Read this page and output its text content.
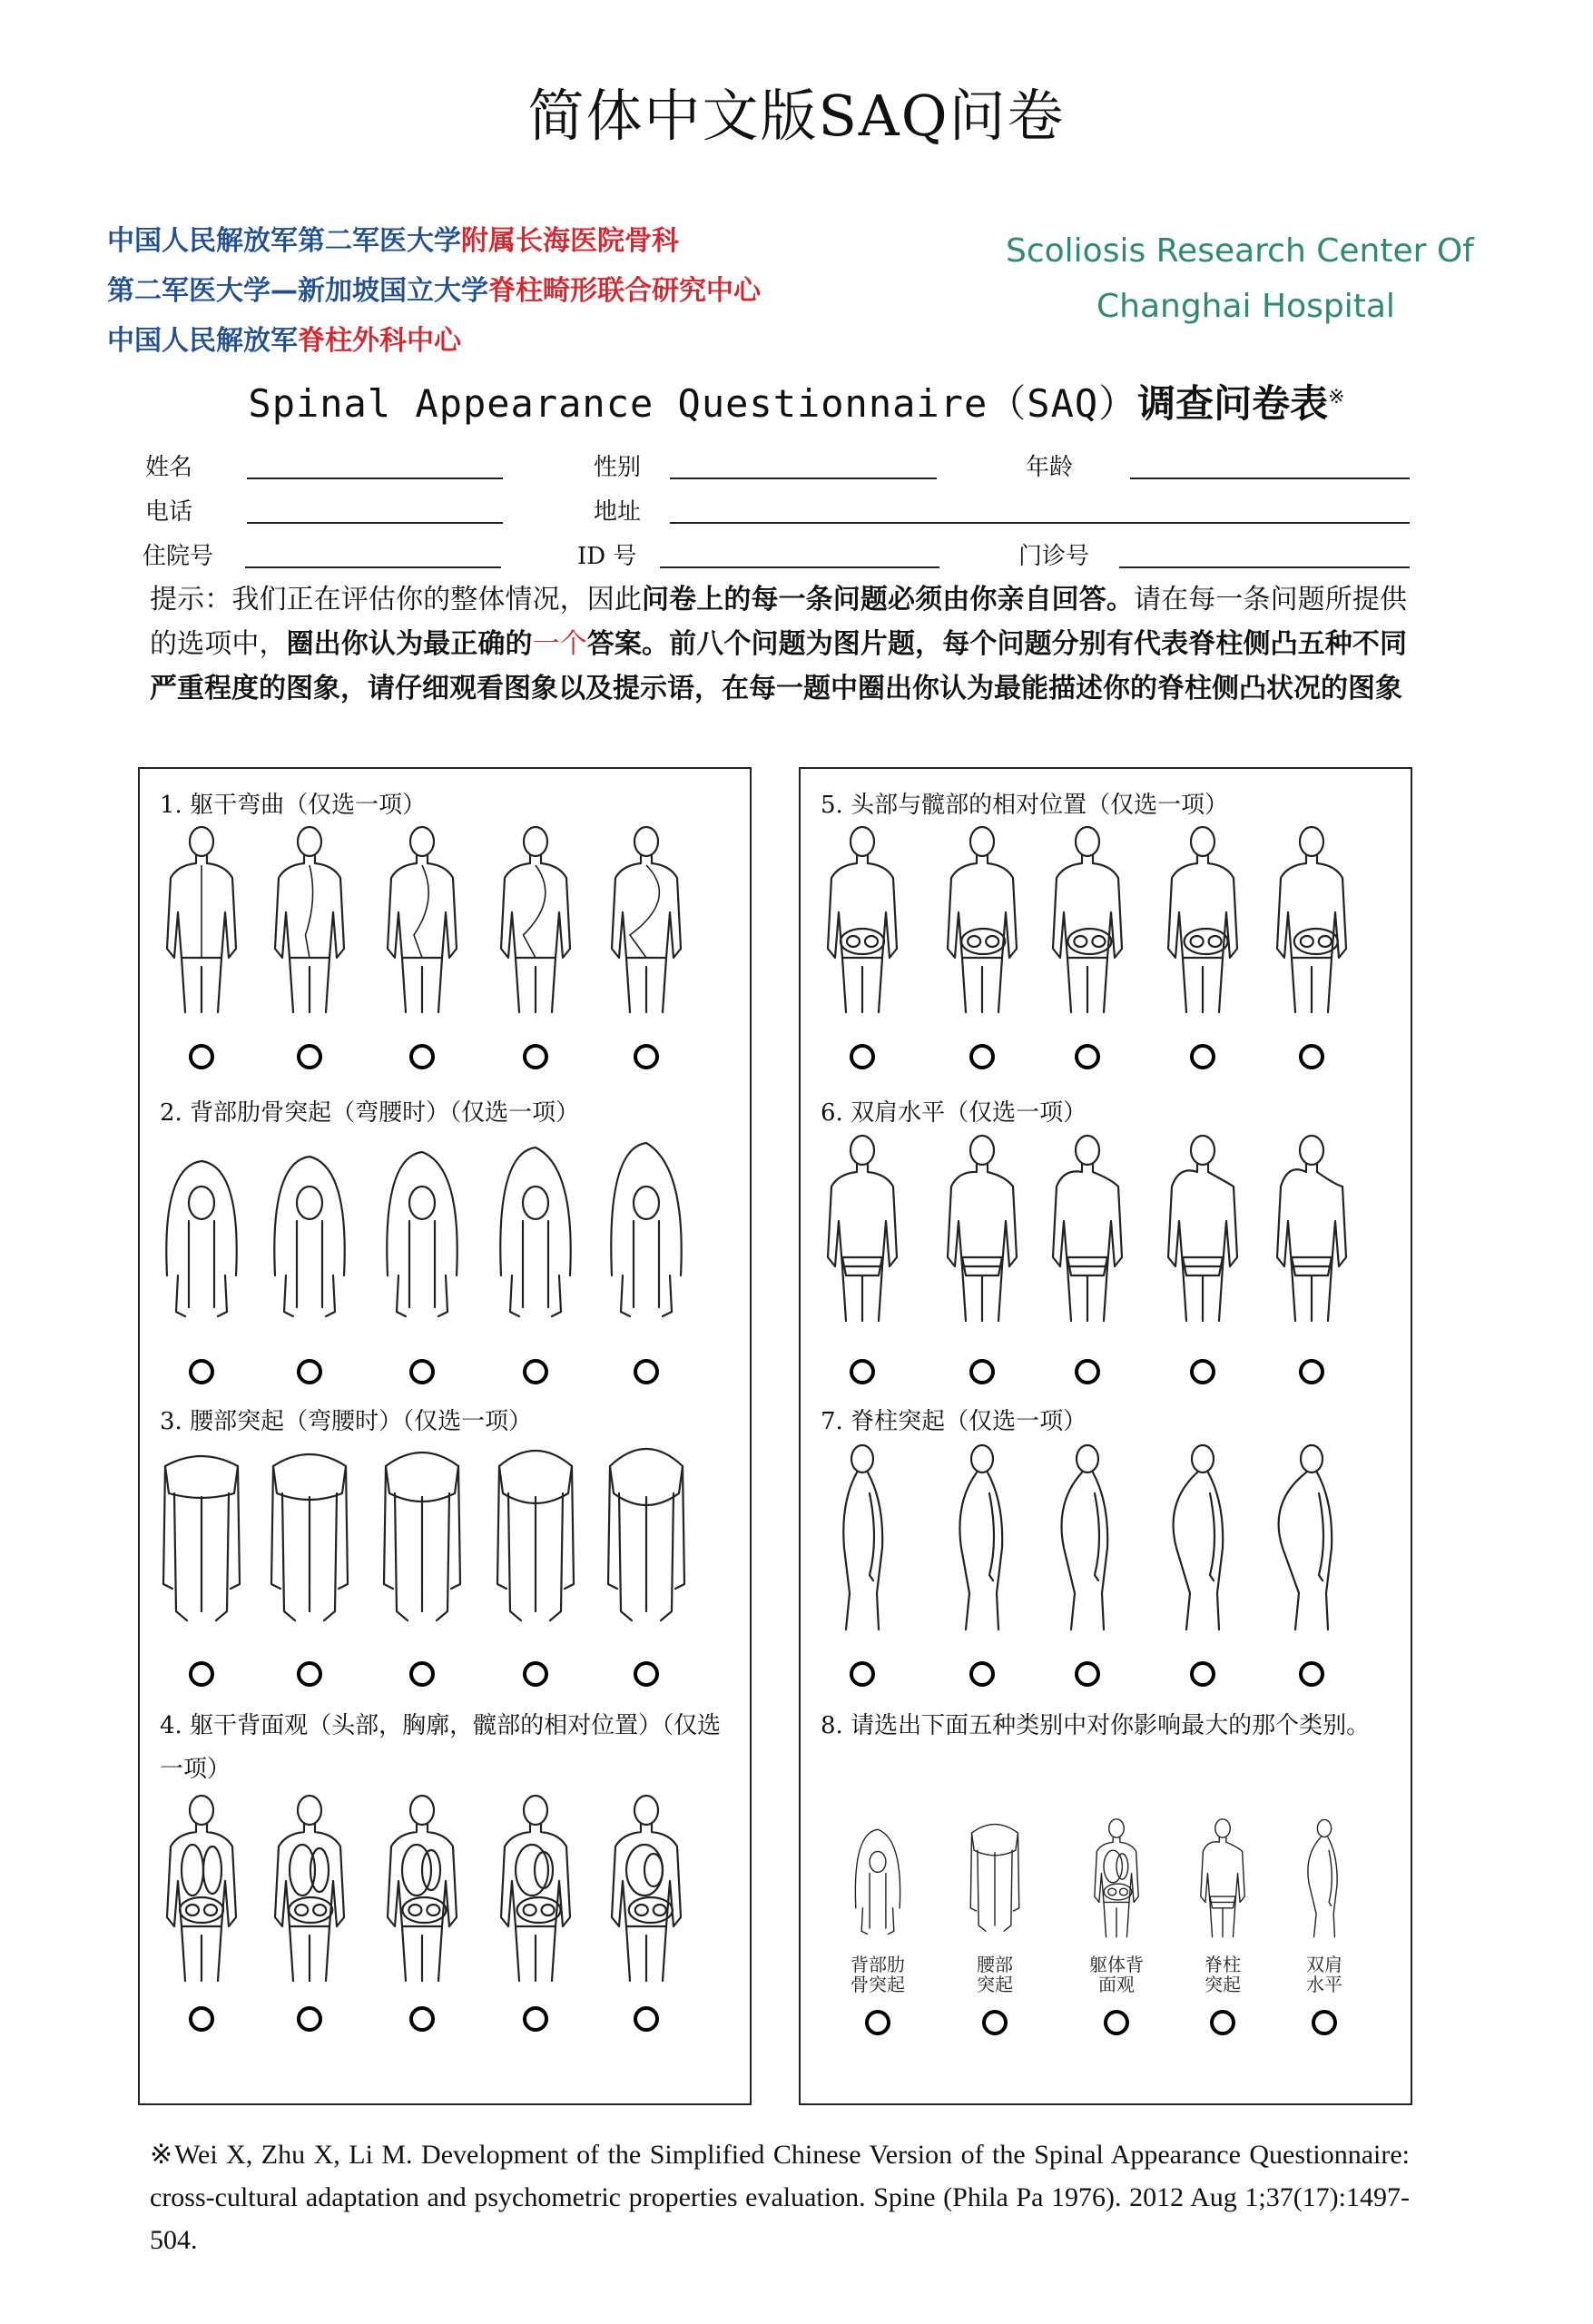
简体中文版SAQ问卷
中国人民解放军第二军医大学附属长海医院骨科
第二军医大学—新加坡国立大学脊柱畸形联合研究中心
中国人民解放军脊柱外科中心
Scoliosis Research Center Of
Changhai Hospital
Spinal Appearance Questionnaire（SAQ）调查问卷表※
姓名	性别	年龄
电话	地址
住院号	ID 号	门诊号
提示：我们正在评估你的整体情况，因此问卷上的每一条问题必须由你亲自回答。请在每一条问题所提供的选项中，圈出你认为最正确的一个答案。前八个问题为图片题，每个问题分别有代表脊柱侧凸五种不同严重程度的图象，请仔细观看图象以及提示语，在每一题中圈出你认为最能描述你的脊柱侧凸状况的图象
1. 躯干弯曲（仅选一项）
2. 背部肋骨突起（弯腰时）（仅选一项）
3. 腰部突起（弯腰时）（仅选一项）
4. 躯干背面观（头部，胸廓，髋部的相对位置）（仅选一项）
5. 头部与髋部的相对位置（仅选一项）
6. 双肩水平（仅选一项）
7. 脊柱突起（仅选一项）
8. 请选出下面五种类别中对你影响最大的那个类别。
背部肋
骨突起
腰部
突起
躯体背
面观
脊柱
突起
双肩
水平
※Wei X, Zhu X, Li M. Development of the Simplified Chinese Version of the Spinal Appearance Questionnaire: cross-cultural adaptation and psychometric properties evaluation. Spine (Phila Pa 1976). 2012 Aug 1;37(17):1497-504.
